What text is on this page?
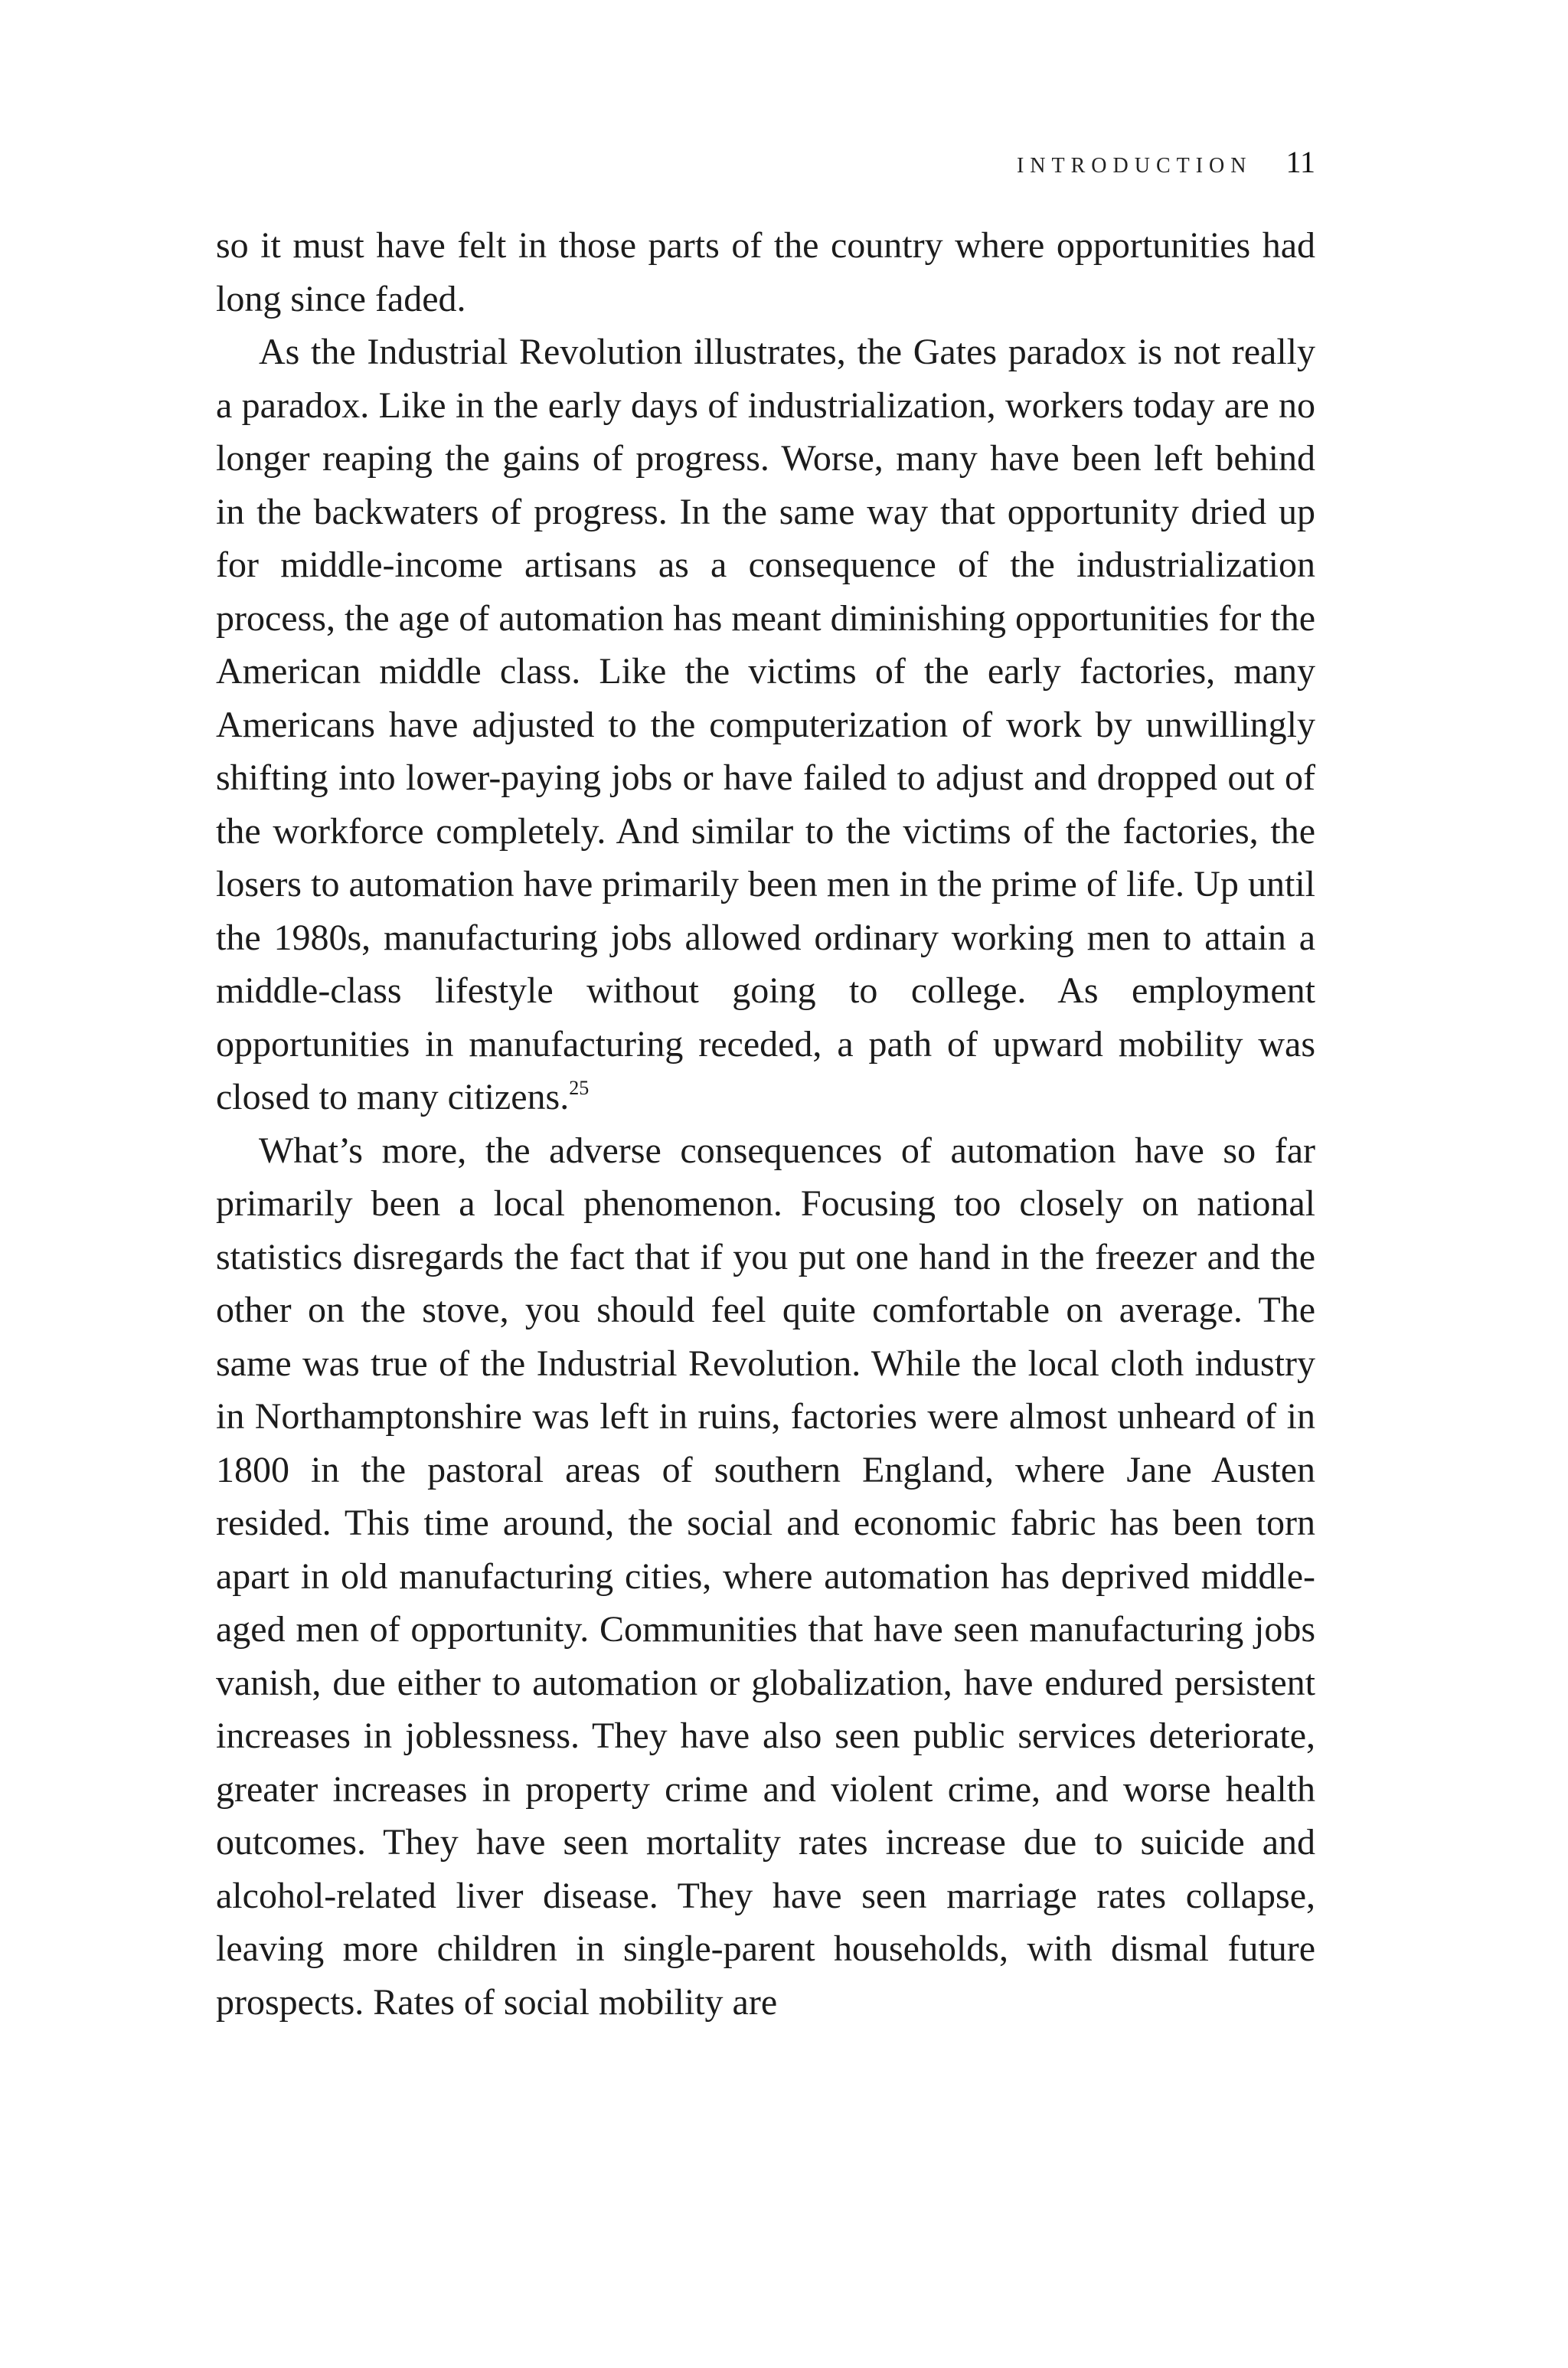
INTRODUCTION 11

so it must have felt in those parts of the country where opportunities had long since faded.

As the Industrial Revolution illustrates, the Gates paradox is not really a paradox. Like in the early days of industrialization, workers today are no longer reaping the gains of progress. Worse, many have been left behind in the backwaters of progress. In the same way that opportunity dried up for middle-income artisans as a consequence of the industrialization process, the age of automation has meant diminishing opportunities for the American middle class. Like the victims of the early factories, many Americans have adjusted to the computerization of work by unwillingly shifting into lower-paying jobs or have failed to adjust and dropped out of the workforce completely. And similar to the victims of the factories, the losers to automation have primarily been men in the prime of life. Up until the 1980s, manufacturing jobs allowed ordinary working men to attain a middle-class lifestyle without going to college. As employment opportunities in manufacturing receded, a path of upward mobility was closed to many citizens.$^{25}$

What’s more, the adverse consequences of automation have so far primarily been a local phenomenon. Focusing too closely on national statistics disregards the fact that if you put one hand in the freezer and the other on the stove, you should feel quite comfortable on average. The same was true of the Industrial Revolution. While the local cloth industry in Northamptonshire was left in ruins, factories were almost unheard of in 1800 in the pastoral areas of southern England, where Jane Austen resided. This time around, the social and economic fabric has been torn apart in old manufacturing cities, where automation has deprived middle-aged men of opportunity. Communities that have seen manufacturing jobs vanish, due either to automation or globalization, have endured persistent increases in joblessness. They have also seen public services deteriorate, greater increases in property crime and violent crime, and worse health outcomes. They have seen mortality rates increase due to suicide and alcohol-related liver disease. They have seen marriage rates collapse, leaving more children in single-parent households, with dismal future prospects. Rates of social mobility are
